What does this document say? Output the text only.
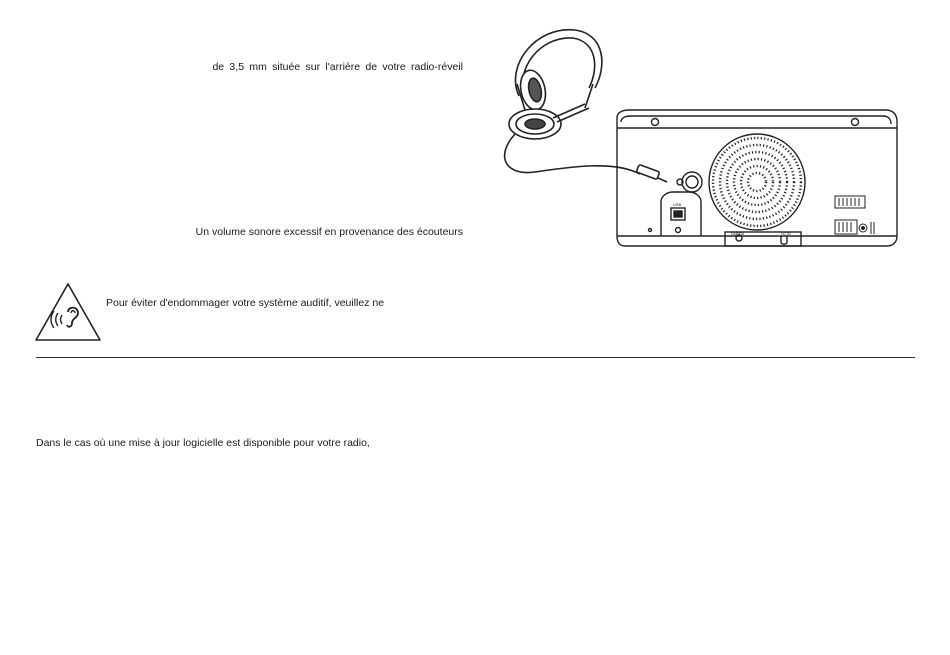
de 3,5 mm située sur l'arrière de votre radio-réveil
USB
DAB/FM	DC IN
Un volume sonore excessif en provenance des écouteurs
Pour éviter d'endommager votre système auditif, veuillez ne
Dans le cas où une mise à jour logicielle est disponible pour votre radio,
